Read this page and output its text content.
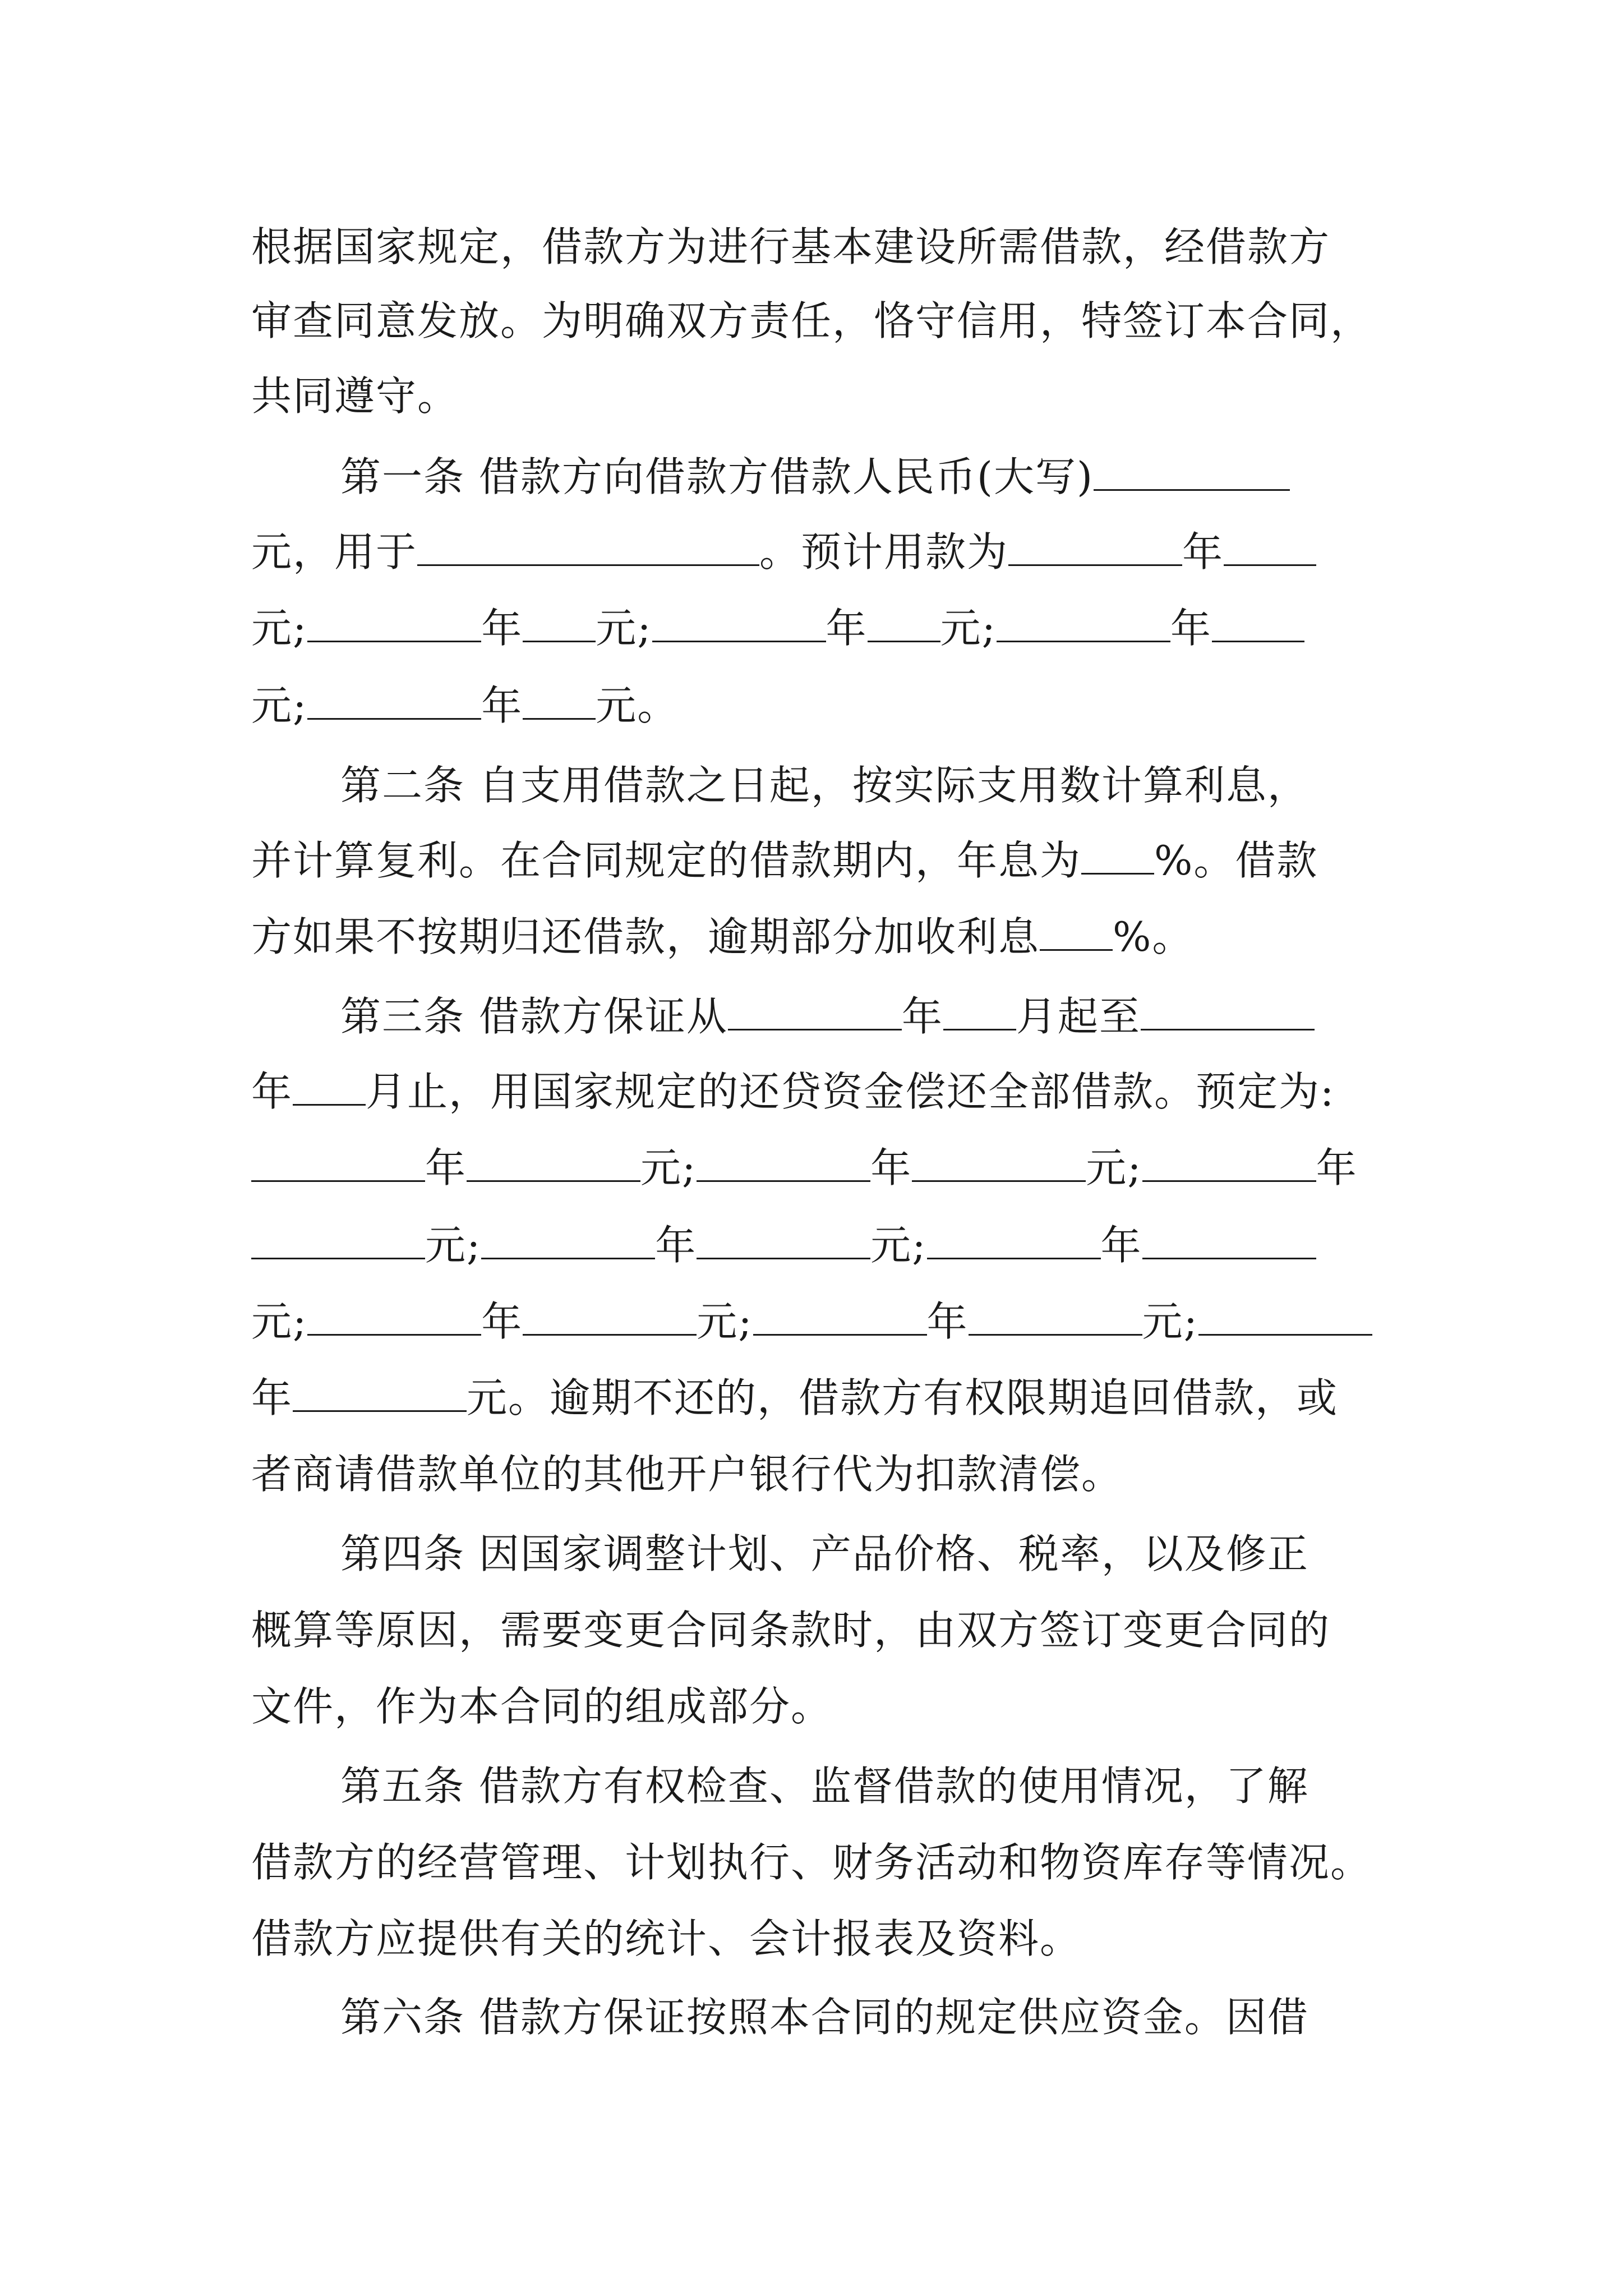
根据国家规定，借款方为进行基本建设所需借款，经借款方
审查同意发放。为明确双方责任，恪守信用，特签订本合同，
共同遵守。
第一条 借款方向借款方借款人民币(大写)
元，用于	。预计用款为	年
元;	年 元;	年 元;	年
元;	年 元。
第二条 自支用借款之日起，按实际支用数计算利息，
并计算复利。在合同规定的借款期内，年息为 %。借款
方如果不按期归还借款，逾期部分加收利息 %。
第三条 借款方保证从	年 月起至
年 月止，用国家规定的还贷资金偿还全部借款。预定为:
年	元;	年	元;	年
元;	年	元;	年
元;	年	元;	年	元;
年	元。逾期不还的，借款方有权限期追回借款，或
者商请借款单位的其他开户银行代为扣款清偿。
第四条 因国家调整计划、产品价格、税率，以及修正
概算等原因，需要变更合同条款时，由双方签订变更合同的
文件，作为本合同的组成部分。
第五条 借款方有权检查、监督借款的使用情况，了解
借款方的经营管理、计划执行、财务活动和物资库存等情况。
借款方应提供有关的统计、会计报表及资料。
第六条 借款方保证按照本合同的规定供应资金。因借
